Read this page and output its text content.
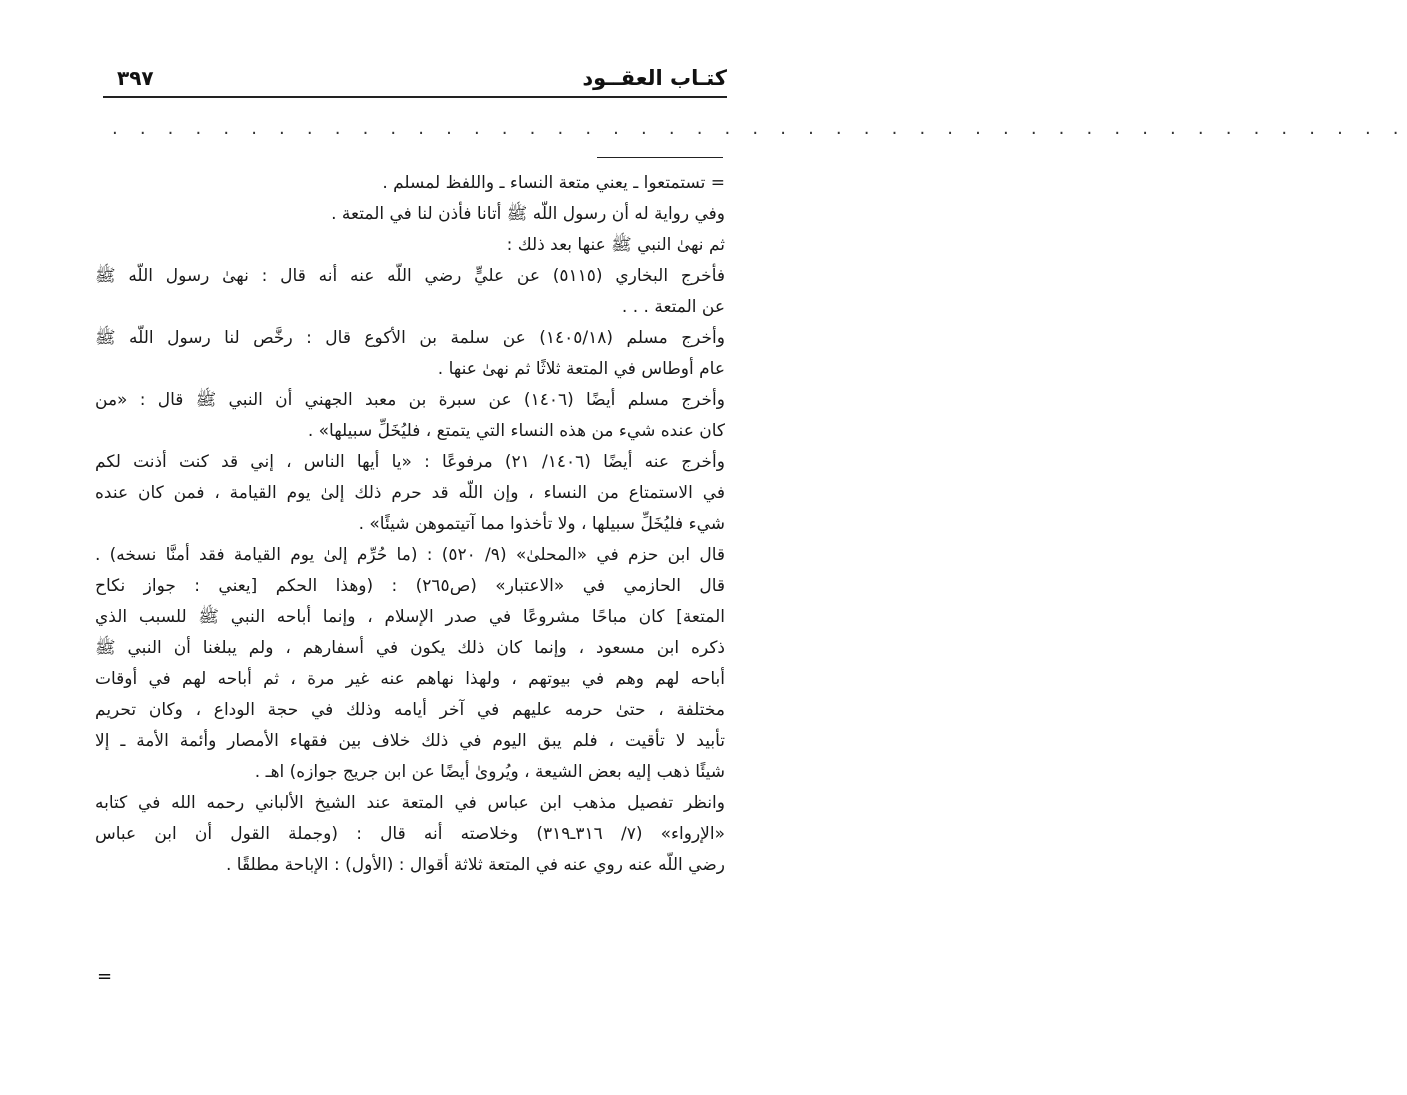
كتـاب العقــود
٣٩٧
. . . . . . . . . . . . . . . . . . . . . . . . . . . . . . . . . . . . . . . . . . . . . . .
= تستمتعوا ـ يعني متعة النساء ـ واللفظ لمسلم .
وفي رواية له أن رسول اللّه ﷺ أتانا فأذن لنا في المتعة .
ثم نهىٰ النبي ﷺ عنها بعد ذلك :
فأخرج البخاري (٥١١٥) عن عليٍّ رضي اللّه عنه أنه قال : نهىٰ رسول اللّه ﷺ
عن المتعة . . .
وأخرج مسلم (١٤٠٥/١٨) عن سلمة بن الأكوع قال : رخَّص لنا رسول اللّه ﷺ
عام أوطاس في المتعة ثلاثًا ثم نهىٰ عنها .
وأخرج مسلم أيضًا (١٤٠٦) عن سبرة بن معبد الجهني أن النبي ﷺ قال : «من
كان عنده شيء من هذه النساء التي يتمتع ، فليُخَلِّ سبيلها» .
وأخرج عنه أيضًا (١٤٠٦/ ٢١) مرفوعًا : «يا أيها الناس ، إني قد كنت أذنت لكم
في الاستمتاع من النساء ، وإن اللّه قد حرم ذلك إلىٰ يوم القيامة ، فمن كان عنده
شيء فليُخَلِّ سبيلها ، ولا تأخذوا مما آتيتموهن شيئًا» .
قال ابن حزم في «المحلىٰ» (٩/ ٥٢٠) : (ما حُرِّم إلىٰ يوم القيامة فقد أمنَّا نسخه) .
قال الحازمي في «الاعتبار» (ص٢٦٥) : (وهذا الحكم [يعني : جواز نكاح
المتعة] كان مباحًا مشروعًا في صدر الإسلام ، وإنما أباحه النبي ﷺ للسبب الذي
ذكره ابن مسعود ، وإنما كان ذلك يكون في أسفارهم ، ولم يبلغنا أن النبي ﷺ
أباحه لهم وهم في بيوتهم ، ولهذا نهاهم عنه غير مرة ، ثم أباحه لهم في أوقات
مختلفة ، حتىٰ حرمه عليهم في آخر أيامه وذلك في حجة الوداع ، وكان تحريم
تأبيد لا تأقيت ، فلم يبق اليوم في ذلك خلاف بين فقهاء الأمصار وأئمة الأمة ـ إلا
شيئًا ذهب إليه بعض الشيعة ، ويُروىٰ أيضًا عن ابن جريج جوازه) اهـ .
وانظر تفصيل مذهب ابن عباس في المتعة عند الشيخ الألباني رحمه الله في كتابه
«الإرواء» (٧/ ٣١٦ـ٣١٩) وخلاصته أنه قال : (وجملة القول أن ابن عباس
رضي اللّه عنه روي عنه في المتعة ثلاثة أقوال : (الأول) : الإباحة مطلقًا .
=
